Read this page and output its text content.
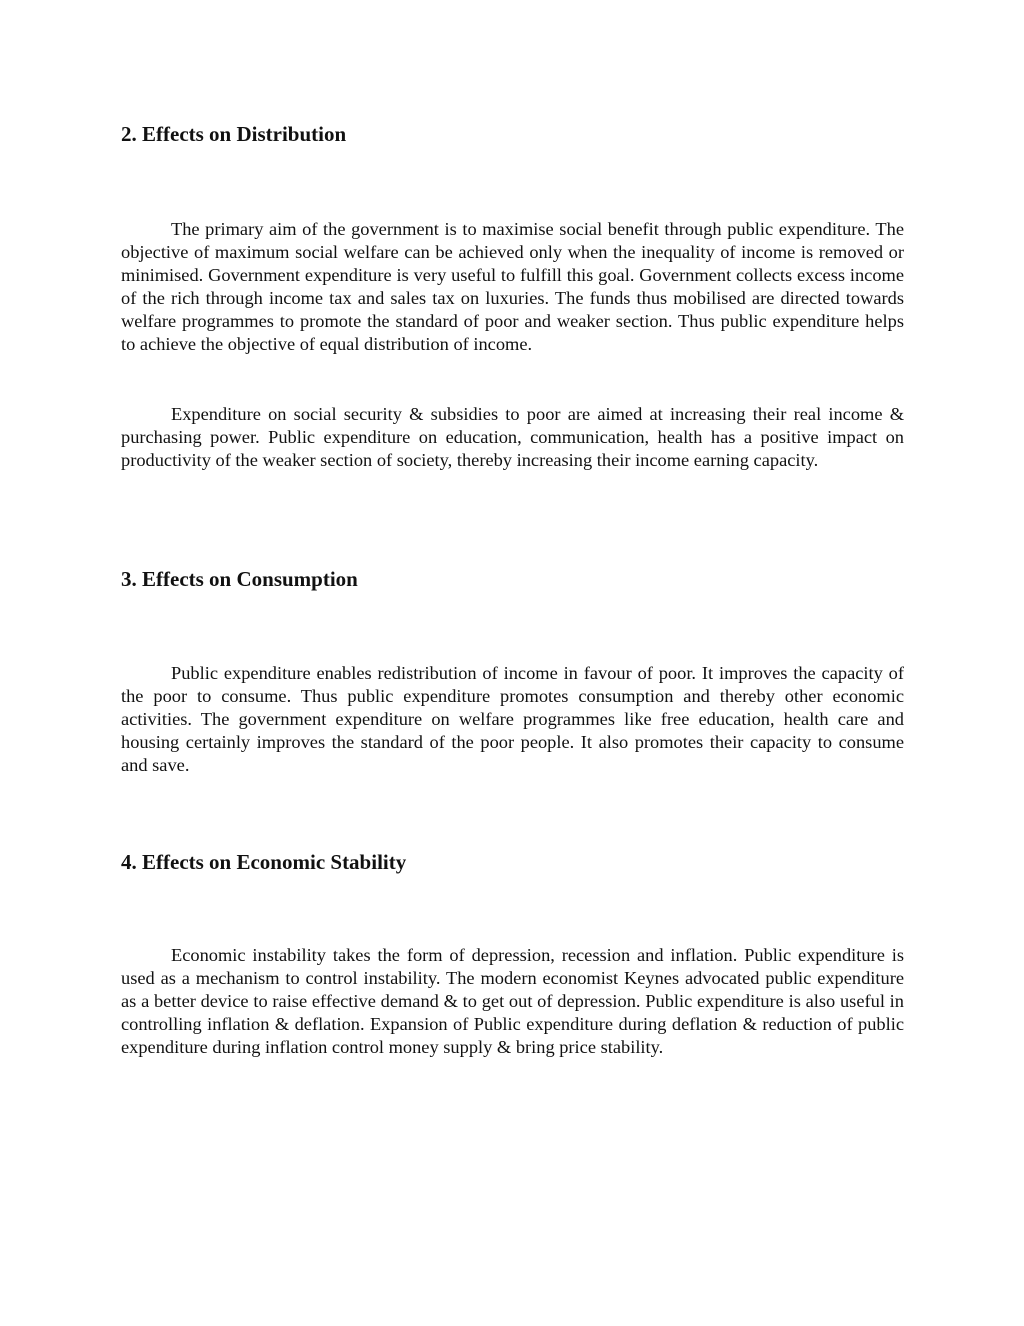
2. Effects on Distribution

The primary aim of the government is to maximise social benefit through public expenditure. The objective of maximum social welfare can be achieved only when the inequality of income is removed or minimised. Government expenditure is very useful to fulfill this goal. Government collects excess income of the rich through income tax and sales tax on luxuries. The funds thus mobilised are directed towards welfare programmes to promote the standard of poor and weaker section. Thus public expenditure helps to achieve the objective of equal distribution of income.

Expenditure on social security & subsidies to poor are aimed at increasing their real income & purchasing power. Public expenditure on education, communication, health has a positive impact on productivity of the weaker section of society, thereby increasing their income earning capacity.

3. Effects on Consumption

Public expenditure enables redistribution of income in favour of poor. It improves the capacity of the poor to consume. Thus public expenditure promotes consumption and thereby other economic activities. The government expenditure on welfare programmes like free education, health care and housing certainly improves the standard of the poor people. It also promotes their capacity to consume and save.

4. Effects on Economic Stability

Economic instability takes the form of depression, recession and inflation. Public expenditure is used as a mechanism to control instability. The modern economist Keynes advocated public expenditure as a better device to raise effective demand & to get out of depression. Public expenditure is also useful in controlling inflation & deflation. Expansion of Public expenditure during deflation & reduction of public expenditure during inflation control money supply & bring price stability.
